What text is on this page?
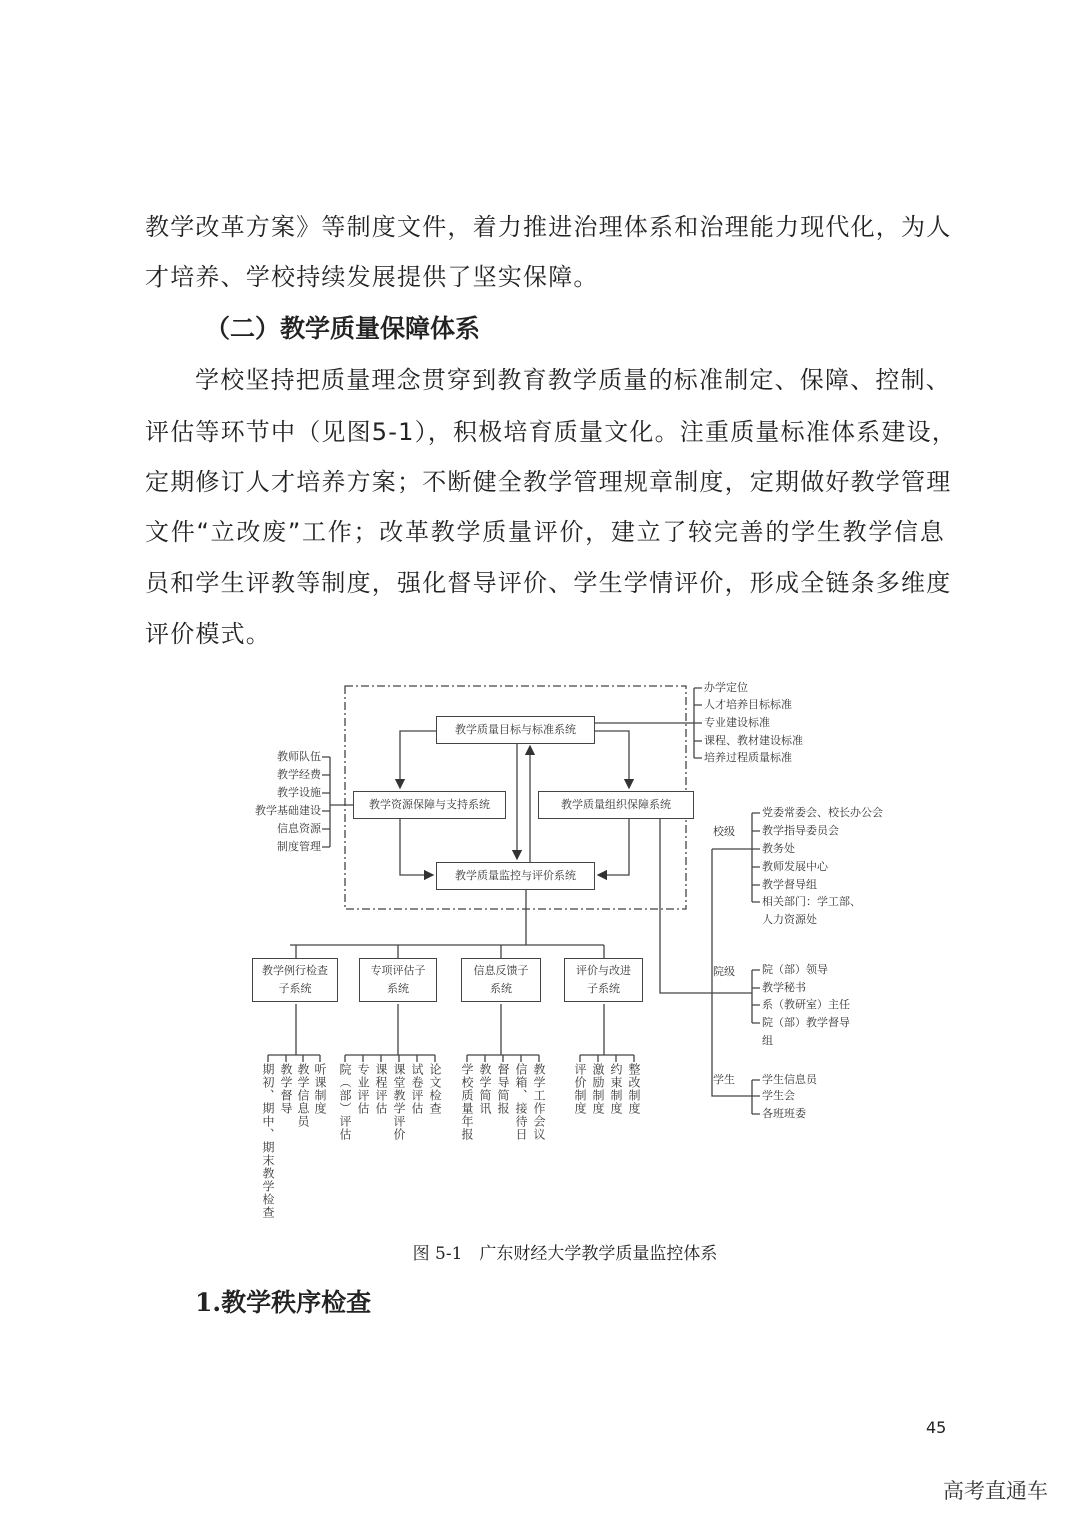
教学改革方案》等制度文件，着力推进治理体系和治理能力现代化，为人
才培养、学校持续发展提供了坚实保障。
（二）教学质量保障体系
学校坚持把质量理念贯穿到教育教学质量的标准制定、保障、控制、
评估等环节中（见图5-1），积极培育质量文化。注重质量标准体系建设，
定期修订人才培养方案；不断健全教学管理规章制度，定期做好教学管理
文件“立改废”工作；改革教学质量评价，建立了较完善的学生教学信息
员和学生评教等制度，强化督导评价、学生学情评价，形成全链条多维度
评价模式。
教学质量目标与标准系统
教学资源保障与支持系统	教学质量组织保障系统
教学质量监控与评价系统
教师队伍
教学经费
教学设施
教学基础建设
信息资源
制度管理
办学定位
人才培养目标标准
专业建设标准
课程、教材建设标准
培养过程质量标准
校级
党委常委会、校长办公会
教学指导委员会
教务处
教师发展中心
教学督导组
相关部门：学工部、
人力资源处
院级 院（部）领导
教学秘书
系（教研室）主任
院（部）教学督导
组
学生 学生信息员
学生会
各班班委
教学例行检查子系统
专项评估子系统
信息反馈子系统
评价与改进子系统
期初、期中、期末教学检查 教学督导 教学信息员 听课制度 院（部）评估 专业评估 课程评估 课堂教学评价 试卷评估 论文检查 学校质量年报 教学简讯 督导简报 信箱、接待日 教学工作会议 评价制度 激励制度 约束制度 整改制度
图 5-1　广东财经大学教学质量监控体系
1.教学秩序检查
45
高考直通车
